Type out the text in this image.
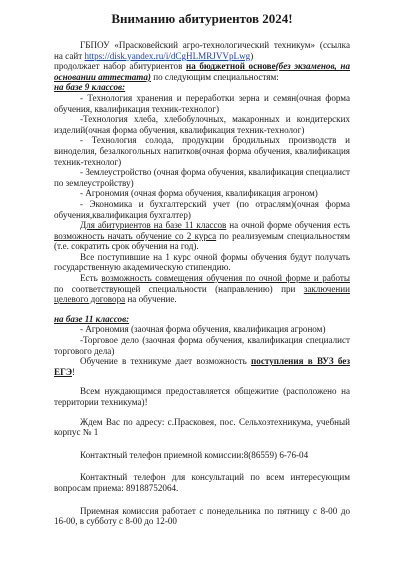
Вниманию абитуриентов 2024!

ГБПОУ «Прасковейский агро-технологический техникум» (ссылка на сайт https://disk.yandex.ru/i/dCgHLMRJVVpLwg)

продолжает набор абитуриентов на бюджетной основе(без экзаменов, на основании аттестата) по следующим специальностям:

на базе 9 классов:

- Технология хранения и переработки зерна и семян(очная форма обучения, квалификация техник-технолог)

-Технология хлеба, хлебобулочных, макаронных и кондитерских изделий(очная форма обучения, квалификация техник-технолог)

- Технология солода, продукции бродильных производств и виноделия, безалкогольных напитков(очная форма обучения, квалификация техник-технолог)

- Землеустройство (очная форма обучения, квалификация специалист по землеустройству)

- Агрономия (очная форма обучения, квалификация агроном)

- Экономика и бухгалтерский учет (по отраслям)(очная форма обучения,квалификация бухгалтер)

Для абитуриентов на базе 11 классов на очной форме обучения есть возможность начать обучение со 2 курса по реализуемым специальностям (т.е. сократить срок обучения на год).

Все поступившие на 1 курс очной формы обучения будут получать государственную академическую стипендию.

Есть возможность совмещения обучения по очной форме и работы по соответствующей специальности (направлению) при заключении целевого договора на обучение.

на базе 11 классов:

- Агрономия (заочная форма обучения, квалификация агроном)

-Торговое дело (заочная форма обучения, квалификация специалист торгового дела)

Обучение в техникуме дает возможность поступления в ВУЗ без ЕГЭ!

Всем нуждающимся предоставляется общежитие (расположено на территории техникума)!

Ждем Вас по адресу: с.Прасковея, пос. Сельхозтехникума, учебный корпус № 1

Контактный телефон приемной комиссии:8(86559) 6-76-04

Контактный телефон для консультаций по всем интересующим вопросам приема: 89188752064.

Приемная комиссия работает с понедельника по пятницу с 8-00 до 16-00, в субботу с 8-00 до 12-00
